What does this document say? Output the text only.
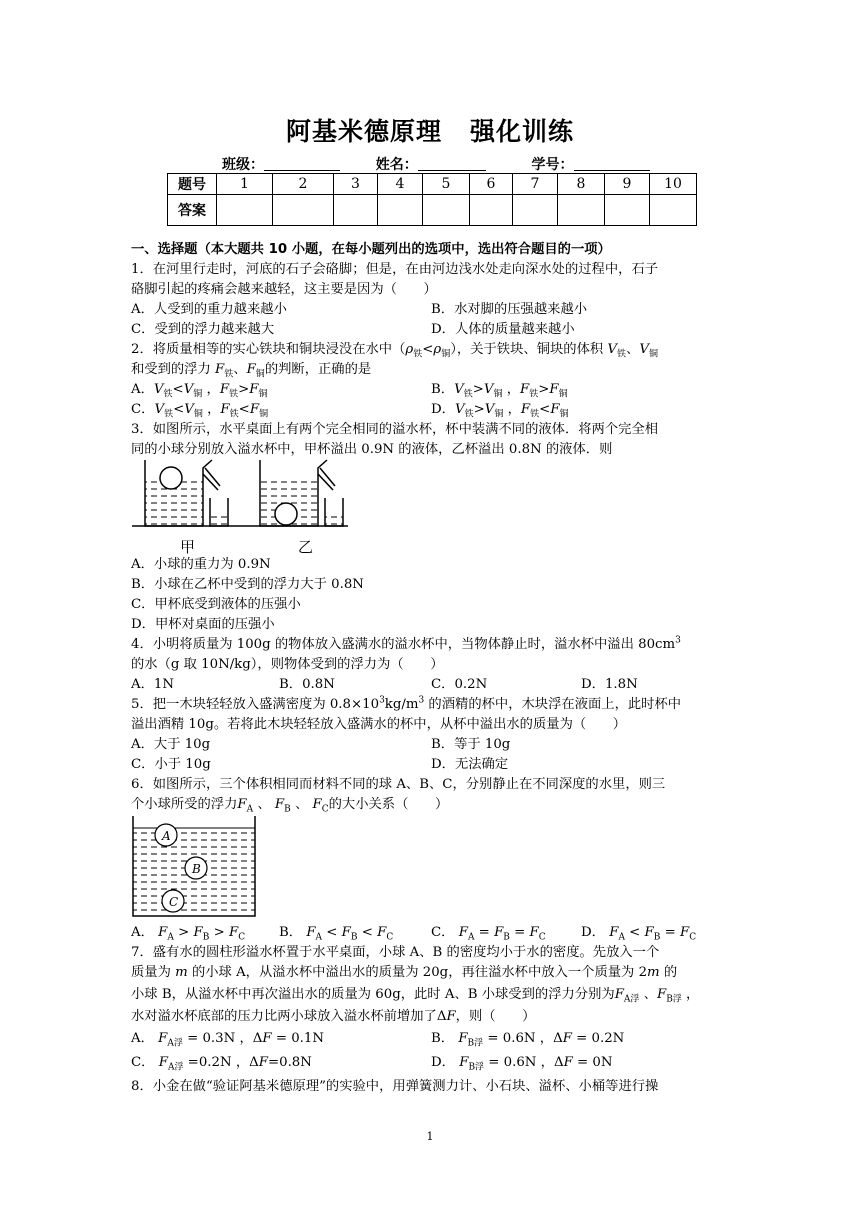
阿基米德原理 强化训练
班级：	姓名：	学号：
题号	1	2	3	4	5	6	7	8	9	10
答案										
一、选择题（本大题共 10 小题，在每小题列出的选项中，选出符合题目的一项）
1．在河里行走时，河底的石子会硌脚；但是，在由河边浅水处走向深水处的过程中，石子
硌脚引起的疼痛会越来越轻，这主要是因为（　　）
A．人受到的重力越来越小	B．水对脚的压强越来越小
C．受到的浮力越来越大	D．人体的质量越来越小
2．将质量相等的实心铁块和铜块浸没在水中$(\rho_铁<\rho_铜)$，关于铁块、铜块的体积 $V_铁$、$V_铜$
和受到的浮力 $F_铁$、$F_铜$的判断，正确的是
A．$V_铁<V_铜$ ，$F_铁>F_铜$	B．$V_铁>V_铜$ ，$F_铁>F_铜$
C．$V_铁<V_铜$ ，$F_铁<F_铜$	D．$V_铁>V_铜$ ，$F_铁<F_铜$
3．如图所示，水平桌面上有两个完全相同的溢水杯，杯中装满不同的液体．将两个完全相
同的小球分别放入溢水杯中，甲杯溢出 0.9N 的液体，乙杯溢出 0.8N 的液体．则
甲	乙
A．小球的重力为 0.9N
B．小球在乙杯中受到的浮力大于 0.8N
C．甲杯底受到液体的压强小
D．甲杯对桌面的压强小
4．小明将质量为 100g 的物体放入盛满水的溢水杯中，当物体静止时，溢水杯中溢出 $80cm^3$
的水（g 取 10N/kg），则物体受到的浮力为（　　）
A．1N	B．0.8N	C．0.2N	D．1.8N
5．把一木块轻轻放入盛满密度为 $0.8\times 10^3kg/m^3$ 的酒精的杯中，木块浮在液面上，此时杯中
溢出酒精 10g。若将此木块轻轻放入盛满水的杯中，从杯中溢出水的质量为（　　）
A．大于 10g	B．等于 10g
C．小于 10g	D．无法确定
6．如图所示，三个体积相同而材料不同的球 A、B、C，分别静止在不同深度的水里，则三
个小球所受的浮力$F_A$ 、 $F_B$ 、 $F_C$的大小关系（　　）
A
B
C
A． $F_A > F_B > F_C$	B． $F_A < F_B < F_C$	C． $F_A = F_B = F_C$	D． $F_A < F_B = F_C$
7．盛有水的圆柱形溢水杯置于水平桌面，小球 A、B 的密度均小于水的密度。先放入一个
质量为 m 的小球 A，从溢水杯中溢出水的质量为 20g，再往溢水杯中放入一个质量为 2m 的
小球 B，从溢水杯中再次溢出水的质量为 60g，此时 A、B 小球受到的浮力分别为$F_{A浮}$ 、$F_{B浮}$ ，
水对溢水杯底部的压力比两小球放入溢水杯前增加了ΔF，则（　　）
A． $F_{A浮} = 0.3N$ ，ΔF = 0.1N	B． $F_{B浮} = 0.6N$ ，ΔF = 0.2N
C． $F_{A浮} =0.2N$ ，ΔF=0.8N	D． $F_{B浮} = 0.6N$ ，ΔF = 0N
8．小金在做“验证阿基米德原理”的实验中，用弹簧测力计、小石块、溢杯、小桶等进行操
1
